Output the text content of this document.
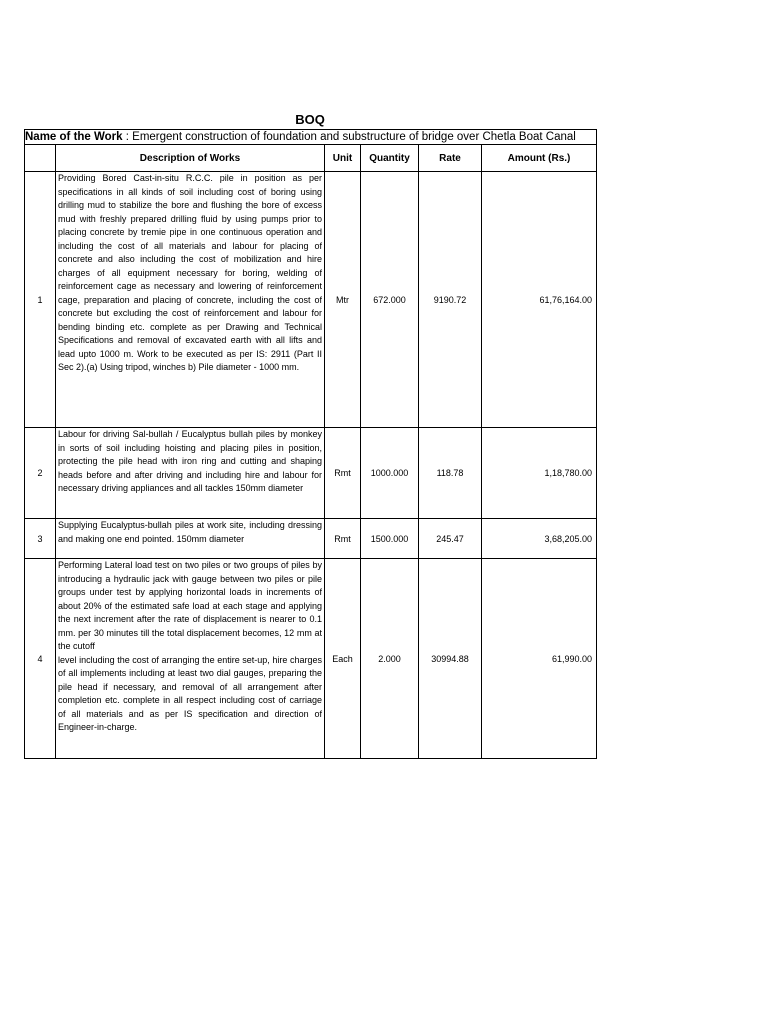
BOQ
Name of the Work : Emergent construction of foundation and substructure of bridge over Chetla Boat Canal					
	Description of Works	Unit	Quantity	Rate	Amount (Rs.)
1	Providing Bored Cast-in-situ R.C.C. pile in position as per specifications in all kinds of soil including cost of boring using drilling mud to stabilize the bore and flushing the bore of excess mud with freshly prepared drilling fluid by using pumps prior to placing concrete by tremie pipe in one continuous operation and including the cost of all materials and labour for placing of concrete and also including the cost of mobilization and hire charges of all equipment necessary for boring, welding of reinforcement cage as necessary and lowering of reinforcement cage, preparation and placing of concrete, including the cost of concrete but excluding the cost of reinforcement and labour for bending binding etc. complete as per Drawing and Technical Specifications and removal of excavated earth with all lifts and lead upto 1000 m. Work to be executed as per IS: 2911 (Part II Sec 2).(a) Using tripod, winches b) Pile diameter - 1000 mm.	Mtr	672.000	9190.72	61,76,164.00
2	Labour for driving Sal-bullah / Eucalyptus bullah piles by monkey in sorts of soil including hoisting and placing piles in position, protecting the pile head with iron ring and cutting and shaping heads before and after driving and including hire and labour for necessary driving appliances and all tackles 150mm diameter	Rmt	1000.000	118.78	1,18,780.00
3	Supplying Eucalyptus-bullah piles at work site, including dressing and making one end pointed. 150mm diameter	Rmt	1500.000	245.47	3,68,205.00
4	Performing Lateral load test on two piles or two groups of piles by introducing a hydraulic jack with gauge between two piles or pile groups under test by applying horizontal loads in increments of about 20% of the estimated safe load at each stage and applying the next increment after the rate of displacement is nearer to 0.1 mm. per 30 minutes till the total displacement becomes, 12 mm at the cutoff
level including the cost of arranging the entire set-up, hire charges of all implements including at least two dial gauges, preparing the pile head if necessary, and removal of all arrangement after completion etc. complete in all respect including cost of carriage of all materials and as per IS specification and direction of Engineer-in-charge.	Each	2.000	30994.88	61,990.00
